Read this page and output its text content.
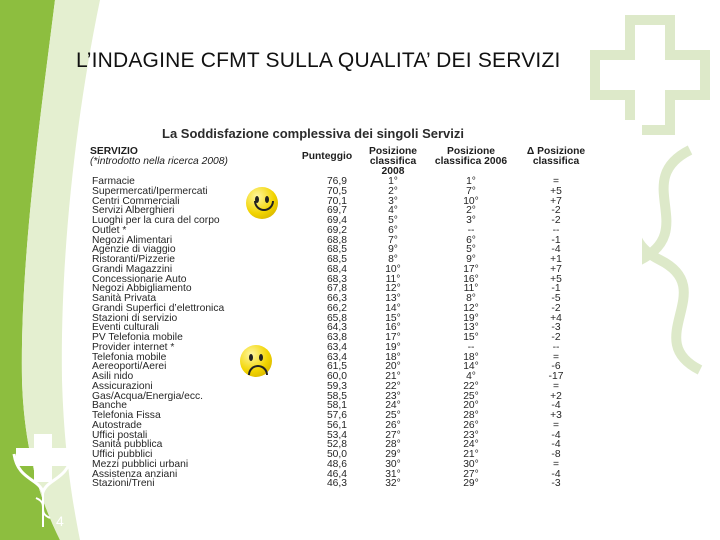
L’INDAGINE CFMT SULLA QUALITA’ DEI SERVIZI
La Soddisfazione complessiva dei singoli Servizi
SERVIZIO
(*introdotto nella ricerca 2008)	Punteggio	Posizione classifica 2008	Posizione classifica 2006	Δ Posizione classifica
Farmacie	76,9	1°	1°	=
Supermercati/Ipermercati	70,5	2°	7°	+5
Centri Commerciali	70,1	3°	10°	+7
Servizi Alberghieri	69,7	4°	2°	-2
Luoghi per la cura del corpo	69,4	5°	3°	-2
Outlet *	69,2	6°	--	--
Negozi Alimentari	68,8	7°	6°	-1
Agenzie di viaggio	68,5	9°	5°	-4
Ristoranti/Pizzerie	68,5	8°	9°	+1
Grandi Magazzini	68,4	10°	17°	+7
Concessionarie Auto	68,3	11°	16°	+5
Negozi Abbigliamento	67,8	12°	11°	-1
Sanità Privata	66,3	13°	8°	-5
Grandi Superfici d’elettronica	66,2	14°	12°	-2
Stazioni di servizio	65,8	15°	19°	+4
Eventi culturali	64,3	16°	13°	-3
PV Telefonia mobile	63,8	17°	15°	-2
Provider internet *	63,4	19°	--	--
Telefonia mobile	63,4	18°	18°	=
Aereoporti/Aerei	61,5	20°	14°	-6
Asili nido	60,0	21°	4°	-17
Assicurazioni	59,3	22°	22°	=
Gas/Acqua/Energia/ecc.	58,5	23°	25°	+2
Banche	58,1	24°	20°	-4
Telefonia Fissa	57,6	25°	28°	+3
Autostrade	56,1	26°	26°	=
Uffici postali	53,4	27°	23°	-4
Sanità pubblica	52,8	28°	24°	-4
Uffici pubblici	50,0	29°	21°	-8
Mezzi pubblici urbani	48,6	30°	30°	=
Assistenza anziani	46,4	31°	27°	-4
Stazioni/Treni	46,3	32°	29°	-3
4
